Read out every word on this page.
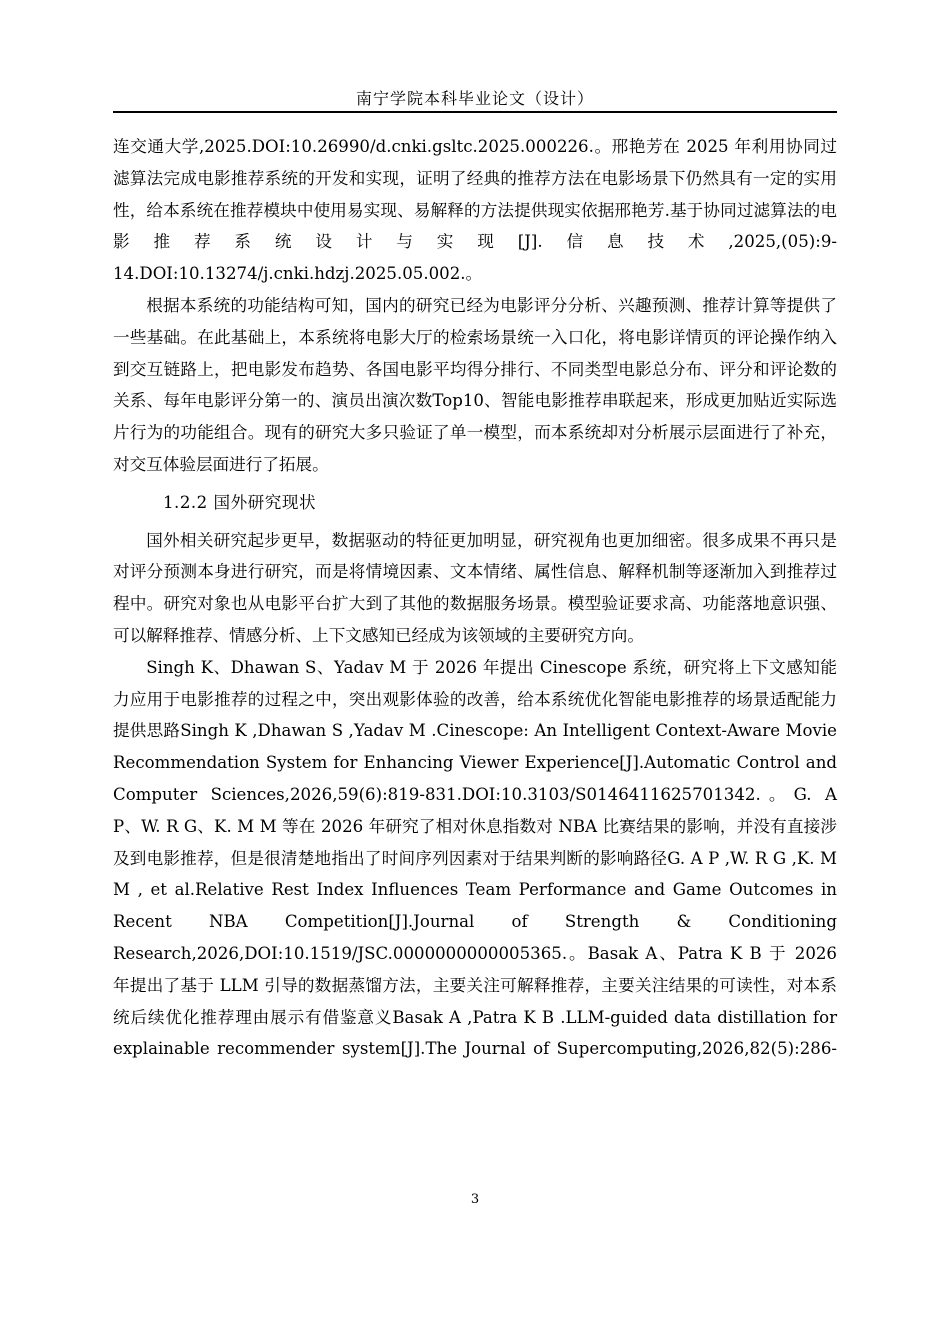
南宁学院本科毕业论文（设计）

连交通大学,2025.DOI:10.26990/d.cnki.gsltc.2025.000226.。邢艳芳在 2025 年利用协同过滤算法完成电影推荐系统的开发和实现，证明了经典的推荐方法在电影场景下仍然具有一定的实用性，给本系统在推荐模块中使用易实现、易解释的方法提供现实依据邢艳芳.基于协同过滤算法的电影推荐系统设计与实现[J].信息技术,2025,(05):9-14.DOI:10.13274/j.cnki.hdzj.2025.05.002.。

根据本系统的功能结构可知，国内的研究已经为电影评分分析、兴趣预测、推荐计算等提供了一些基础。在此基础上，本系统将电影大厅的检索场景统一入口化，将电影详情页的评论操作纳入到交互链路上，把电影发布趋势、各国电影平均得分排行、不同类型电影总分布、评分和评论数的关系、每年电影评分第一的、演员出演次数Top10、智能电影推荐串联起来，形成更加贴近实际选片行为的功能组合。现有的研究大多只验证了单一模型，而本系统却对分析展示层面进行了补充，对交互体验层面进行了拓展。

1.2.2 国外研究现状

国外相关研究起步更早，数据驱动的特征更加明显，研究视角也更加细密。很多成果不再只是对评分预测本身进行研究，而是将情境因素、文本情绪、属性信息、解释机制等逐渐加入到推荐过程中。研究对象也从电影平台扩大到了其他的数据服务场景。模型验证要求高、功能落地意识强、可以解释推荐、情感分析、上下文感知已经成为该领域的主要研究方向。

Singh K、Dhawan S、Yadav M 于 2026 年提出 Cinescope 系统，研究将上下文感知能力应用于电影推荐的过程之中，突出观影体验的改善，给本系统优化智能电影推荐的场景适配能力提供思路Singh K ,Dhawan S ,Yadav M .Cinescope: An Intelligent Context-Aware Movie Recommendation System for Enhancing Viewer Experience[J].Automatic Control and Computer Sciences,2026,59(6):819-831.DOI:10.3103/S0146411625701342.。G. A P、W. R G、K. M M 等在 2026 年研究了相对休息指数对 NBA 比赛结果的影响，并没有直接涉及到电影推荐，但是很清楚地指出了时间序列因素对于结果判断的影响路径G. A P ,W. R G ,K. M M , et al.Relative Rest Index Influences Team Performance and Game Outcomes in Recent NBA Competition[J].Journal of Strength & Conditioning Research,2026,DOI:10.1519/JSC.0000000000005365.。Basak A、Patra K B 于 2026 年提出了基于 LLM 引导的数据蒸馏方法，主要关注可解释推荐，主要关注结果的可读性，对本系统后续优化推荐理由展示有借鉴意义Basak A ,Patra K B .LLM-guided data distillation for explainable recommender system[J].The Journal of Supercomputing,2026,82(5):286-

3
